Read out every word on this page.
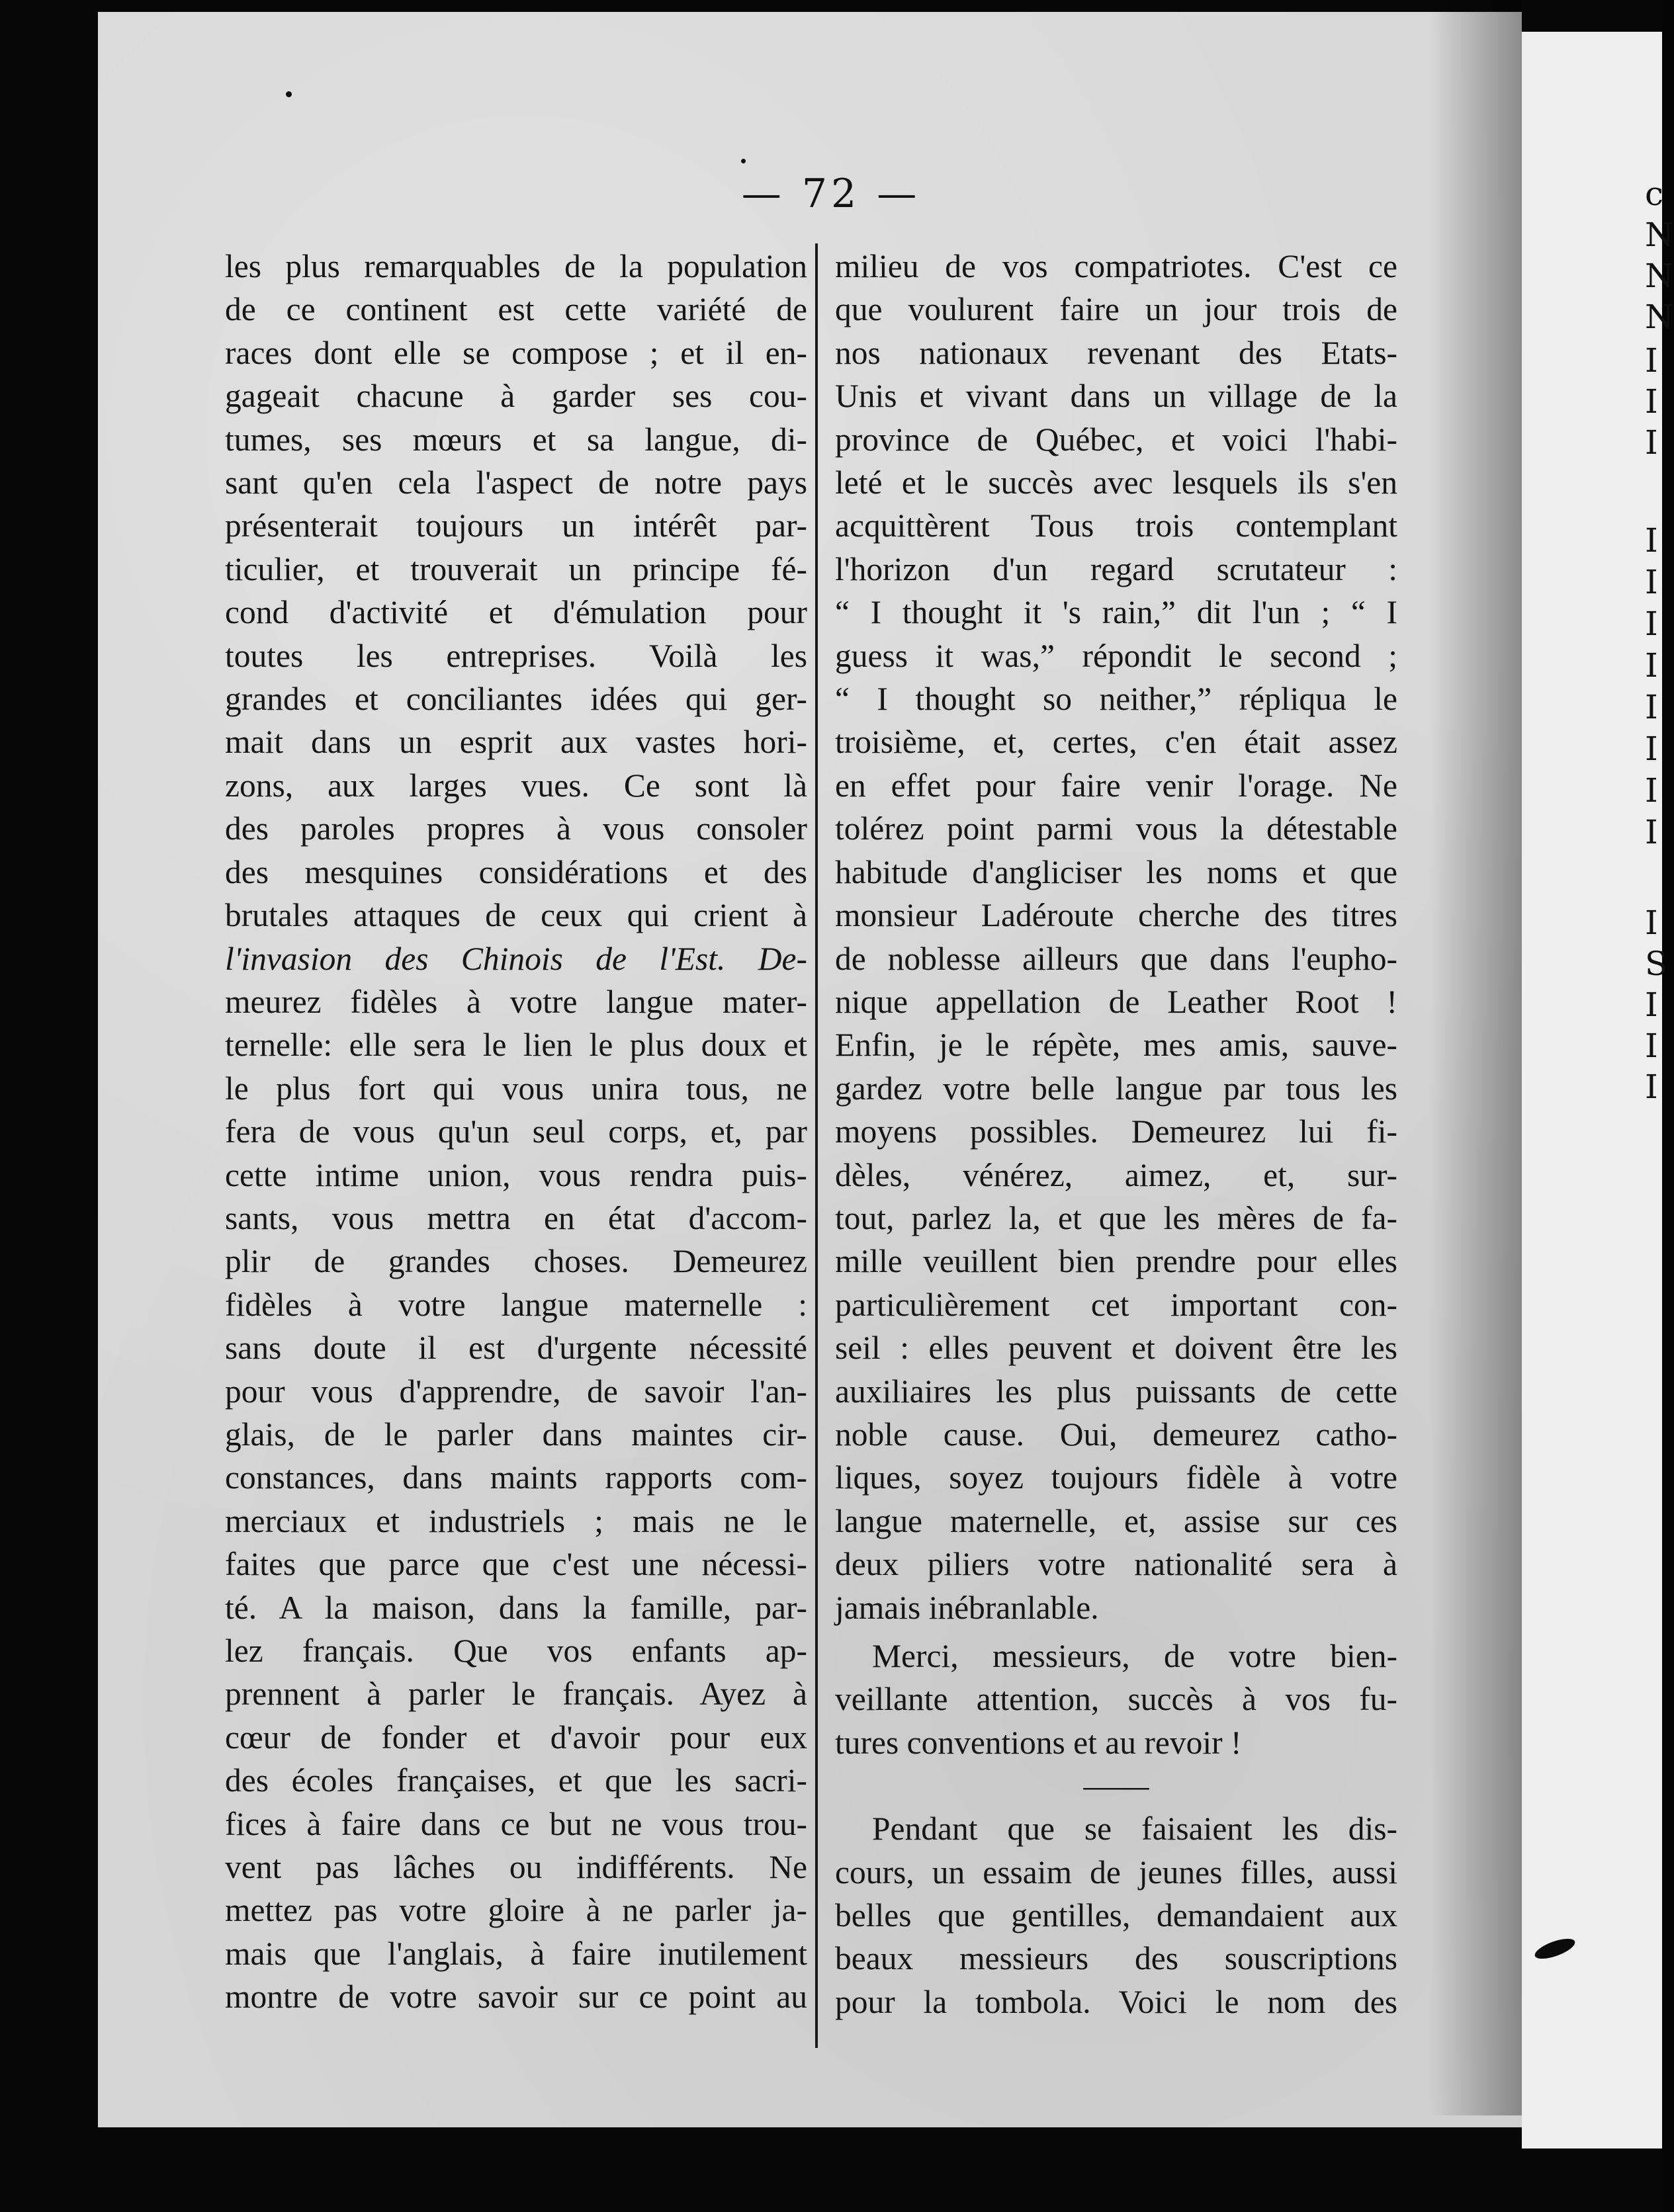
— 72 —
les plus remarquables de la population
de ce continent est cette variété de
races dont elle se compose ; et il en-
gageait chacune à garder ses cou-
tumes, ses mœurs et sa langue, di-
sant qu'en cela l'aspect de notre pays
présenterait toujours un intérêt par-
ticulier, et trouverait un principe fé-
cond d'activité et d'émulation pour
toutes les entreprises. Voilà les
grandes et conciliantes idées qui ger-
mait dans un esprit aux vastes hori-
zons, aux larges vues. Ce sont là
des paroles propres à vous consoler
des mesquines considérations et des
brutales attaques de ceux qui crient à
l'invasion des Chinois de l'Est. De-
meurez fidèles à votre langue mater-
ternelle: elle sera le lien le plus doux et
le plus fort qui vous unira tous, ne
fera de vous qu'un seul corps, et, par
cette intime union, vous rendra puis-
sants, vous mettra en état d'accom-
plir de grandes choses. Demeurez
fidèles à votre langue maternelle :
sans doute il est d'urgente nécessité
pour vous d'apprendre, de savoir l'an-
glais, de le parler dans maintes cir-
constances, dans maints rapports com-
merciaux et industriels ; mais ne le
faites que parce que c'est une nécessi-
té. A la maison, dans la famille, par-
lez français. Que vos enfants ap-
prennent à parler le français. Ayez à
cœur de fonder et d'avoir pour eux
des écoles françaises, et que les sacri-
fices à faire dans ce but ne vous trou-
vent pas lâches ou indifférents. Ne
mettez pas votre gloire à ne parler ja-
mais que l'anglais, à faire inutilement
montre de votre savoir sur ce point au
milieu de vos compatriotes. C'est ce
que voulurent faire un jour trois de
nos nationaux revenant des Etats-
Unis et vivant dans un village de la
province de Québec, et voici l'habi-
leté et le succès avec lesquels ils s'en
acquittèrent Tous trois contemplant
l'horizon d'un regard scrutateur :
“ I thought it 's rain,” dit l'un ; “ I
guess it was,” répondit le second ;
“ I thought so neither,” répliqua le
troisième, et, certes, c'en était assez
en effet pour faire venir l'orage. Ne
tolérez point parmi vous la détestable
habitude d'angliciser les noms et que
monsieur Ladéroute cherche des titres
de noblesse ailleurs que dans l'eupho-
nique appellation de Leather Root !
Enfin, je le répète, mes amis, sauve-
gardez votre belle langue par tous les
moyens possibles. Demeurez lui fi-
dèles, vénérez, aimez, et, sur-
tout, parlez la, et que les mères de fa-
mille veuillent bien prendre pour elles
particulièrement cet important con-
seil : elles peuvent et doivent être les
auxiliaires les plus puissants de cette
noble cause. Oui, demeurez catho-
liques, soyez toujours fidèle à votre
langue maternelle, et, assise sur ces
deux piliers votre nationalité sera à
jamais inébranlable.
Merci, messieurs, de votre bien-
veillante attention, succès à vos fu-
tures conventions et au revoir !
——
Pendant que se faisaient les dis-
cours, un essaim de jeunes filles, aussi
belles que gentilles, demandaient aux
beaux messieurs des souscriptions
pour la tombola. Voici le nom des
c
N
N
N
I
I
I
I
I
I
I
I
I
I
I
I
S
I
I
I
